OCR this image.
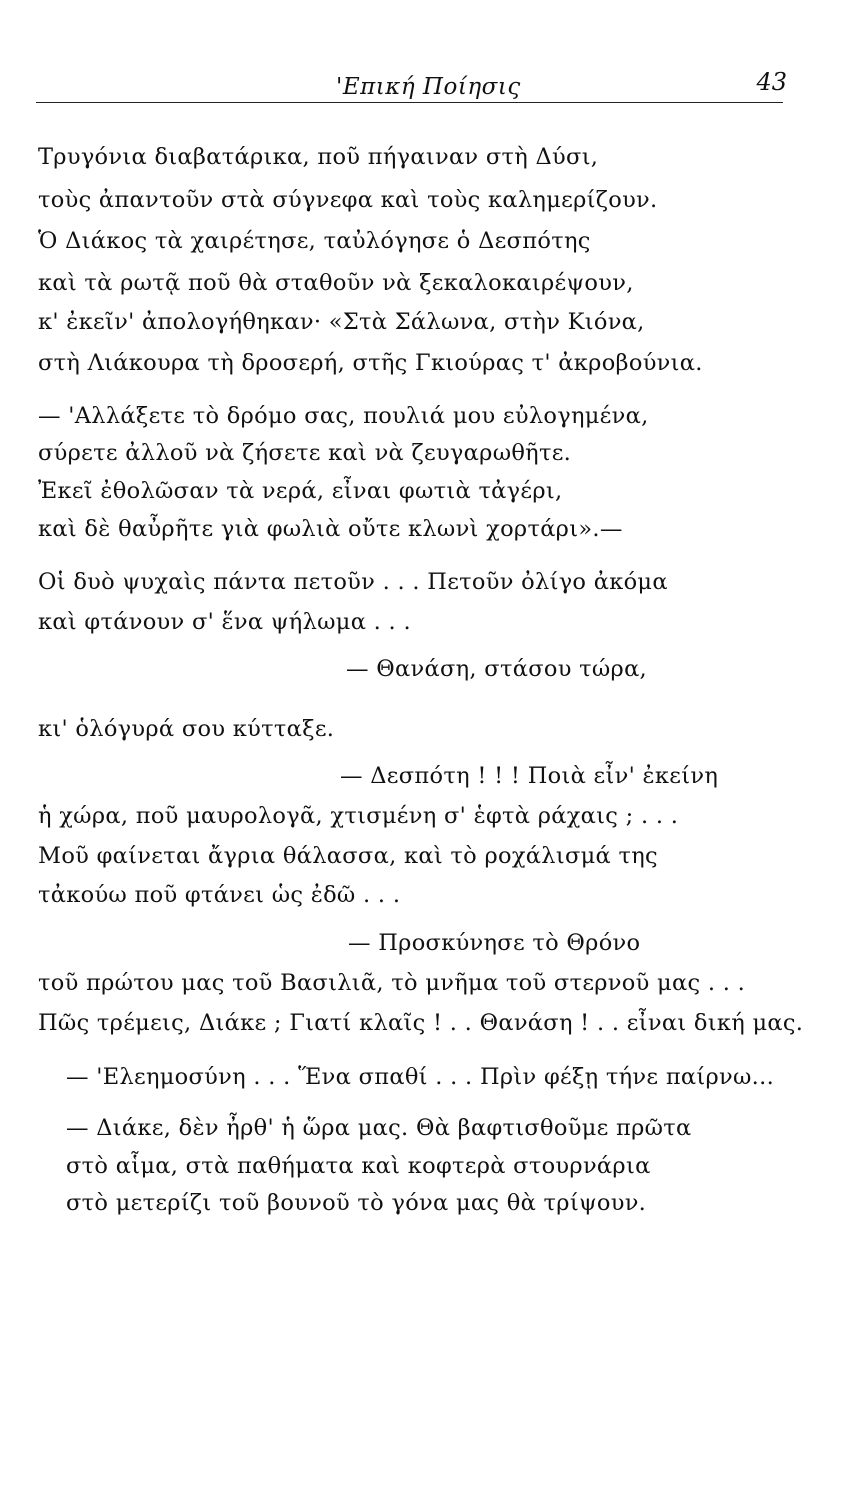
'Επική Ποίησις	43
Τρυγόνια διαβατάρικα, ποῦ πήγαιναν στὴ Δύσι,
τοὺς ἀπαντοῦν στὰ σύγνεφα καὶ τοὺς καλημερίζουν.
Ὁ Διάκος τὰ χαιρέτησε, ταὐλόγησε ὁ Δεσπότης
καὶ τὰ ρωτᾷ ποῦ θὰ σταθοῦν νὰ ξεκαλοκαιρέψουν,
κ' ἐκεῖν' ἀπολογήθηκαν· «Στὰ Σάλωνα, στὴν Κιόνα,
στὴ Λιάκουρα τὴ δροσερή, στῆς Γκιούρας τ' ἀκροβούνια.
— 'Αλλάξετε τὸ δρόμο σας, πουλιά μου εὐλογημένα,
σύρετε ἀλλοῦ νὰ ζήσετε καὶ νὰ ζευγαρωθῆτε.
Ἐκεῖ ἐθολῶσαν τὰ νερά, εἶναι φωτιὰ τἀγέρι,
καὶ δὲ θαὖρῆτε γιὰ φωλιὰ οὔτε κλωνὶ χορτάρι».—
Οἱ δυὸ ψυχαὶς πάντα πετοῦν . . . Πετοῦν ὀλίγο ἀκόμα
καὶ φτάνουν σ' ἕνα ψήλωμα . . .
— Θανάση, στάσου τώρα,
κι' ὁλόγυρά σου κύτταξε.
— Δεσπότη ! ! ! Ποιὰ εἶν' ἐκείνη
ἡ χώρα, ποῦ μαυρολογᾶ, χτισμένη σ' ἑφτὰ ράχαις ; . . .
Μοῦ φαίνεται ἄγρια θάλασσα, καὶ τὸ ροχάλισμά της
τἀκούω ποῦ φτάνει ὡς ἐδῶ . . .
— Προσκύνησε τὸ Θρόνο
τοῦ πρώτου μας τοῦ Βασιλιᾶ, τὸ μνῆμα τοῦ στερνοῦ μας . . .
Πῶς τρέμεις, Διάκε ; Γιατί κλαῖς ! . . Θανάση ! . . εἶναι δική μας.
— 'Ελεημοσύνη . . . Ἕνα σπαθί . . . Πρὶν φέξῃ τήνε παίρνω...
— Διάκε, δὲν ἦρθ' ἡ ὥρα μας. Θὰ βαφτισθοῦμε πρῶτα
στὸ αἷμα, στὰ παθήματα καὶ κοφτερὰ στουρνάρια
στὸ μετερίζι τοῦ βουνοῦ τὸ γόνα μας θὰ τρίψουν.
